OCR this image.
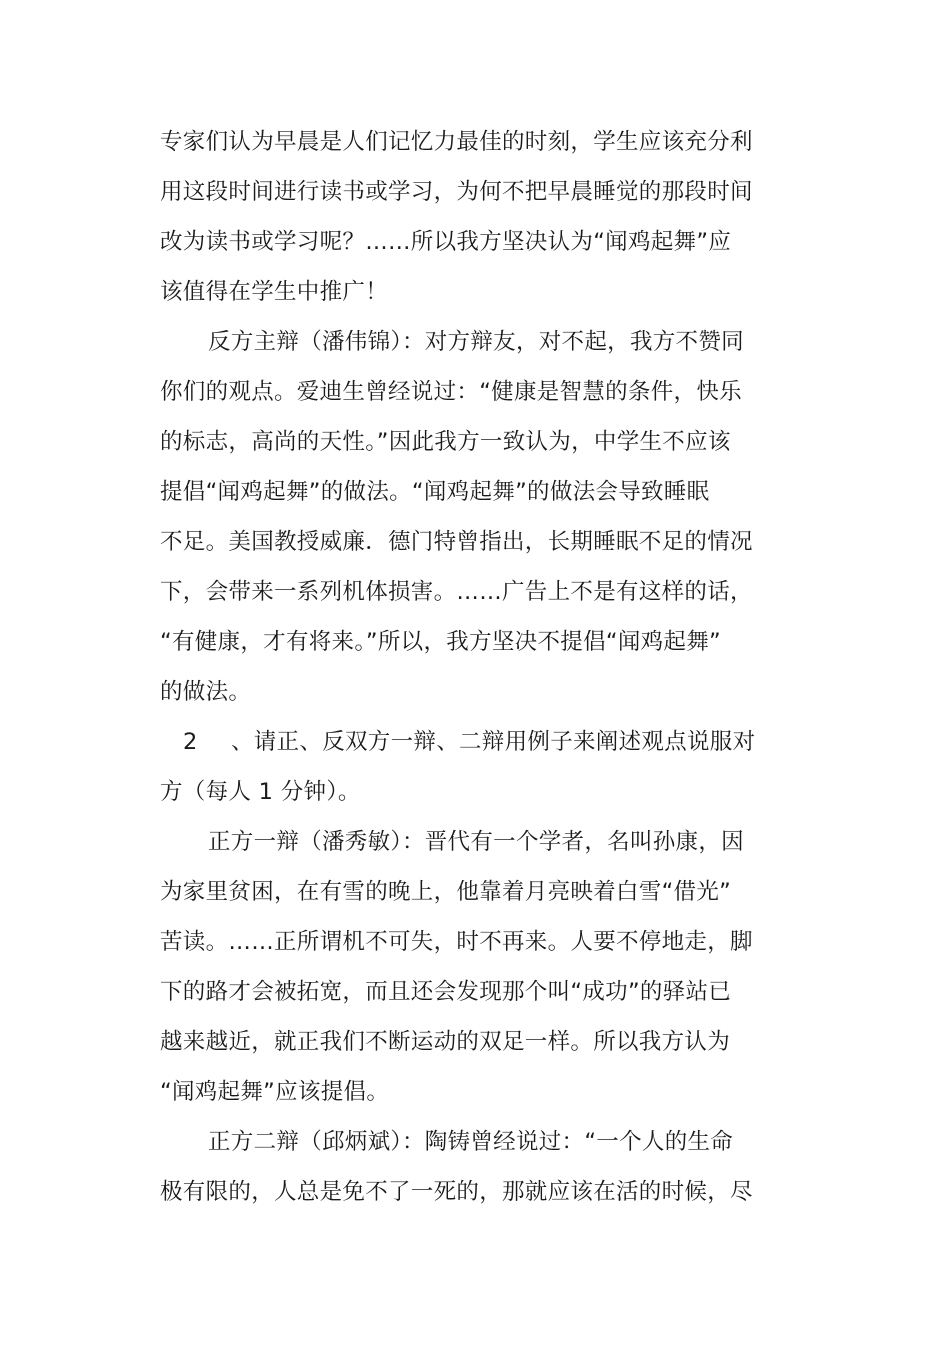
专家们认为早晨是人们记忆力最佳的时刻，学生应该充分利
用这段时间进行读书或学习，为何不把早晨睡觉的那段时间
改为读书或学习呢？……所以我方坚决认为“闻鸡起舞”应
该值得在学生中推广！
反方主辩（潘伟锦）：对方辩友，对不起，我方不赞同
你们的观点。爱迪生曾经说过：“健康是智慧的条件，快乐
的标志，高尚的天性。”因此我方一致认为，中学生不应该
提倡“闻鸡起舞”的做法。“闻鸡起舞”的做法会导致睡眠
不足。美国教授威廉．德门特曾指出，长期睡眠不足的情况
下，会带来一系列机体损害。……广告上不是有这样的话，
“有健康，才有将来。”所以，我方坚决不提倡“闻鸡起舞”
的做法。
2 、请正、反双方一辩、二辩用例子来阐述观点说服对
方（每人 1 分钟）。
正方一辩（潘秀敏）：晋代有一个学者，名叫孙康，因
为家里贫困，在有雪的晚上，他靠着月亮映着白雪“借光”
苦读。……正所谓机不可失，时不再来。人要不停地走，脚
下的路才会被拓宽，而且还会发现那个叫“成功”的驿站已
越来越近，就正我们不断运动的双足一样。所以我方认为
“闻鸡起舞”应该提倡。
正方二辩（邱炳斌）：陶铸曾经说过：“一个人的生命
极有限的，人总是免不了一死的，那就应该在活的时候，尽
